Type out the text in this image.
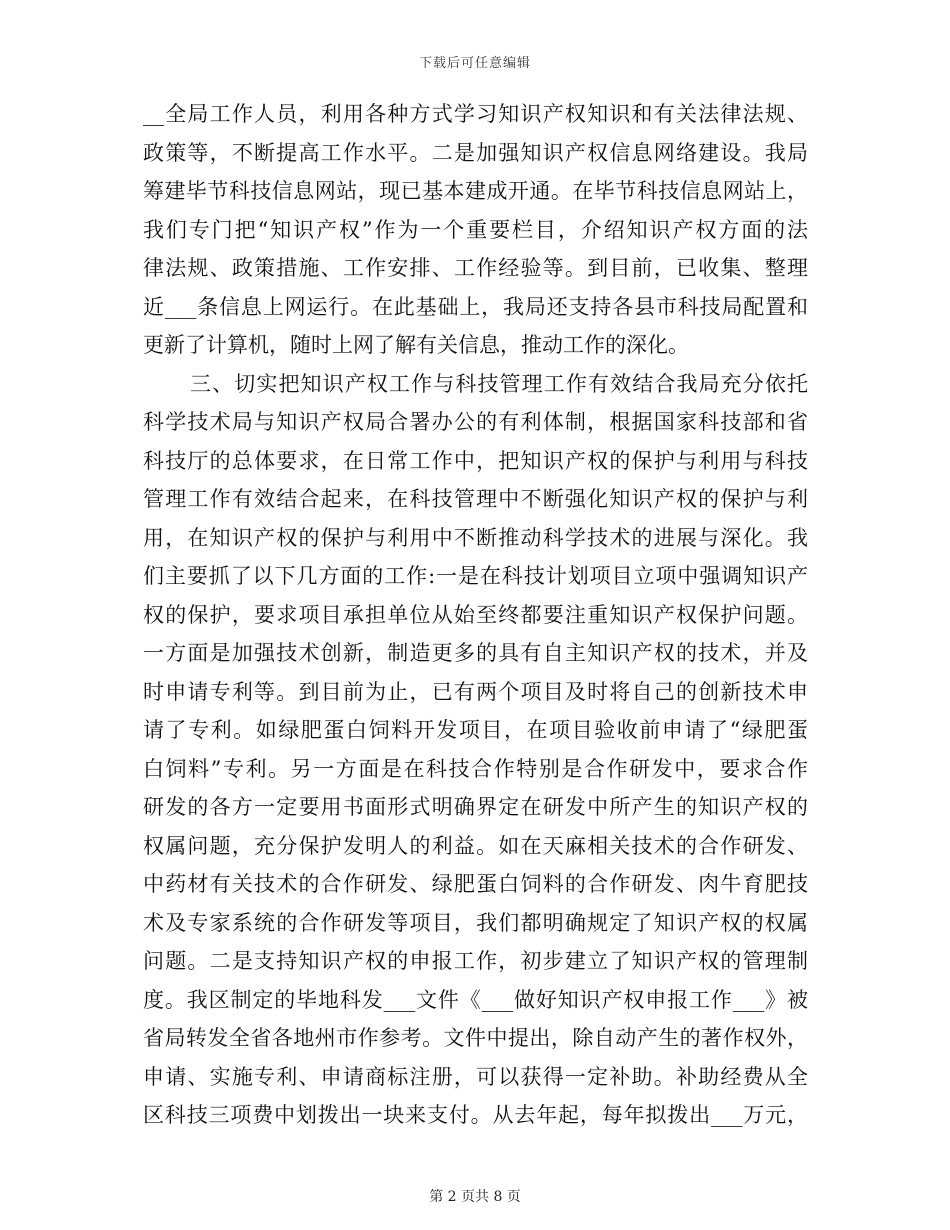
下载后可任意编辑
__全局工作人员，利用各种方式学习知识产权知识和有关法律法规、
政策等，不断提高工作水平。二是加强知识产权信息网络建设。我局
筹建毕节科技信息网站，现已基本建成开通。在毕节科技信息网站上，
我们专门把“知识产权”作为一个重要栏目，介绍知识产权方面的法
律法规、政策措施、工作安排、工作经验等。到目前，已收集、整理
近___条信息上网运行。在此基础上，我局还支持各县市科技局配置和
更新了计算机，随时上网了解有关信息，推动工作的深化。
三、切实把知识产权工作与科技管理工作有效结合我局充分依托
科学技术局与知识产权局合署办公的有利体制，根据国家科技部和省
科技厅的总体要求，在日常工作中，把知识产权的保护与利用与科技
管理工作有效结合起来，在科技管理中不断强化知识产权的保护与利
用，在知识产权的保护与利用中不断推动科学技术的进展与深化。我
们主要抓了以下几方面的工作:一是在科技计划项目立项中强调知识产
权的保护，要求项目承担单位从始至终都要注重知识产权保护问题。
一方面是加强技术创新，制造更多的具有自主知识产权的技术，并及
时申请专利等。到目前为止，已有两个项目及时将自己的创新技术申
请了专利。如绿肥蛋白饲料开发项目，在项目验收前申请了“绿肥蛋
白饲料”专利。另一方面是在科技合作特别是合作研发中，要求合作
研发的各方一定要用书面形式明确界定在研发中所产生的知识产权的
权属问题，充分保护发明人的利益。如在天麻相关技术的合作研发、
中药材有关技术的合作研发、绿肥蛋白饲料的合作研发、肉牛育肥技
术及专家系统的合作研发等项目，我们都明确规定了知识产权的权属
问题。二是支持知识产权的申报工作，初步建立了知识产权的管理制
度。我区制定的毕地科发___文件《___做好知识产权申报工作___》被
省局转发全省各地州市作参考。文件中提出，除自动产生的著作权外，
申请、实施专利、申请商标注册，可以获得一定补助。补助经费从全
区科技三项费中划拨出一块来支付。从去年起，每年拟拨出___万元，
第 2 页共 8 页
